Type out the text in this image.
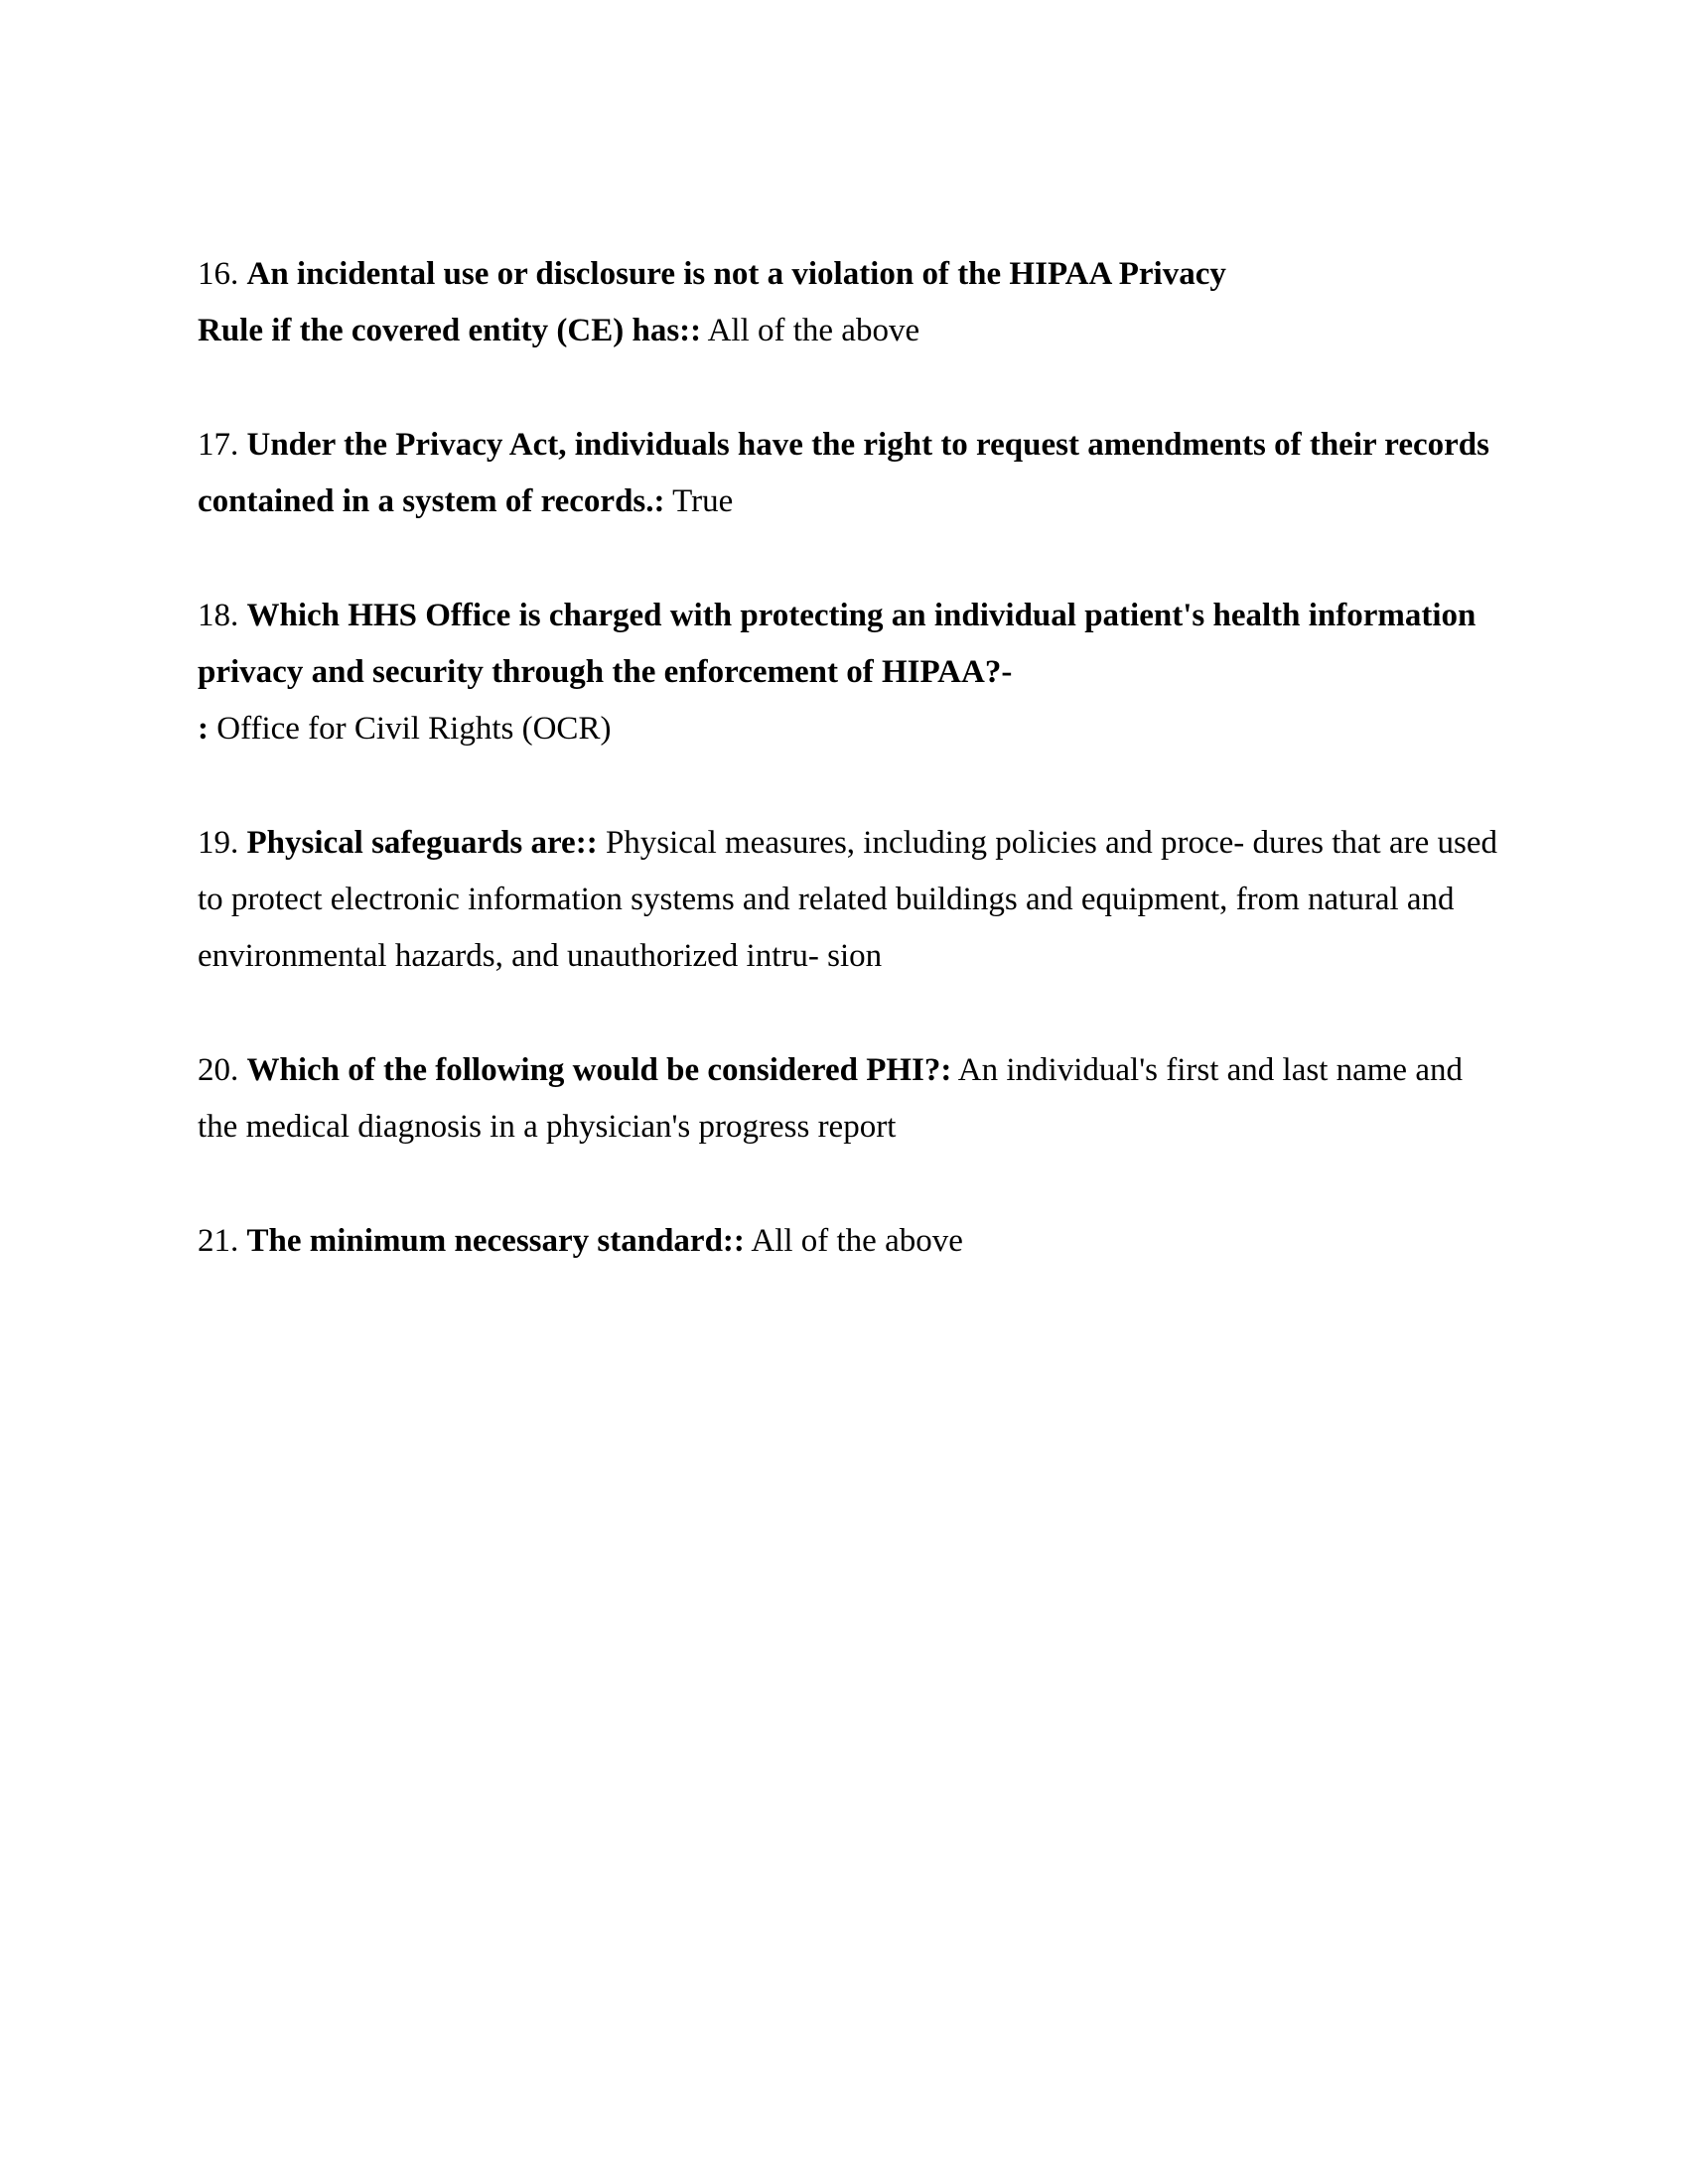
16. An incidental use or disclosure is not a violation of the HIPAA Privacy
Rule if the covered entity (CE) has:: All of the above

17. Under the Privacy Act, individuals have the right to request amendments of their records contained in a system of records.: True

18. Which HHS Office is charged with protecting an individual patient's health information privacy and security through the enforcement of HIPAA?-
: Office for Civil Rights (OCR)

19. Physical safeguards are:: Physical measures, including policies and proce- dures that are used to protect electronic information systems and related buildings and equipment, from natural and environmental hazards, and unauthorized intru- sion

20. Which of the following would be considered PHI?: An individual's first and last name and the medical diagnosis in a physician's progress report

21. The minimum necessary standard:: All of the above
